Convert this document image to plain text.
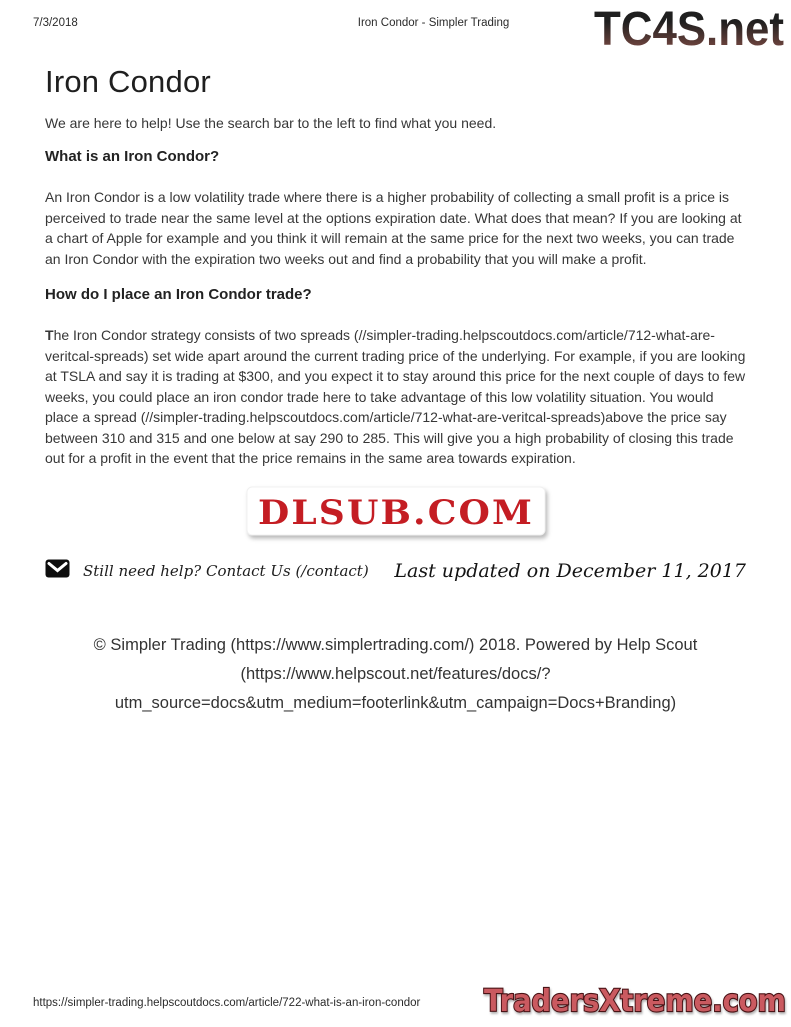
7/3/2018	Iron Condor - Simpler Trading	TC4S.net
Iron Condor

We are here to help! Use the search bar to the left to find what you need.

What is an Iron Condor?

An Iron Condor is a low volatility trade where there is a higher probability of collecting a small profit is a price is perceived to trade near the same level at the options expiration date. What does that mean? If you are looking at a chart of Apple for example and you think it will remain at the same price for the next two weeks, you can trade an Iron Condor with the expiration two weeks out and find a probability that you will make a profit.

How do I place an Iron Condor trade?

The Iron Condor strategy consists of two spreads (//simpler-trading.helpscoutdocs.com/article/712-what-are-veritcal-spreads) set wide apart around the current trading price of the underlying. For example, if you are looking at TSLA and say it is trading at $300, and you expect it to stay around this price for the next couple of days to few weeks, you could place an iron condor trade here to take advantage of this low volatility situation. You would place a spread (//simpler-trading.helpscoutdocs.com/article/712-what-are-veritcal-spreads)above the price say between 310 and 315 and one below at say 290 to 285. This will give you a high probability of closing this trade out for a profit in the event that the price remains in the same area towards expiration.

DLSUB.COM
Still need help? Contact Us (/contact) Last updated on December 11, 2017
© Simpler Trading (https://www.simplertrading.com/) 2018. Powered by Help Scout
(https://www.helpscout.net/features/docs/?
utm_source=docs&utm_medium=footerlink&utm_campaign=Docs+Branding)
https://simpler-trading.helpscoutdocs.com/article/722-what-is-an-iron-condor TradersXtreme.com
